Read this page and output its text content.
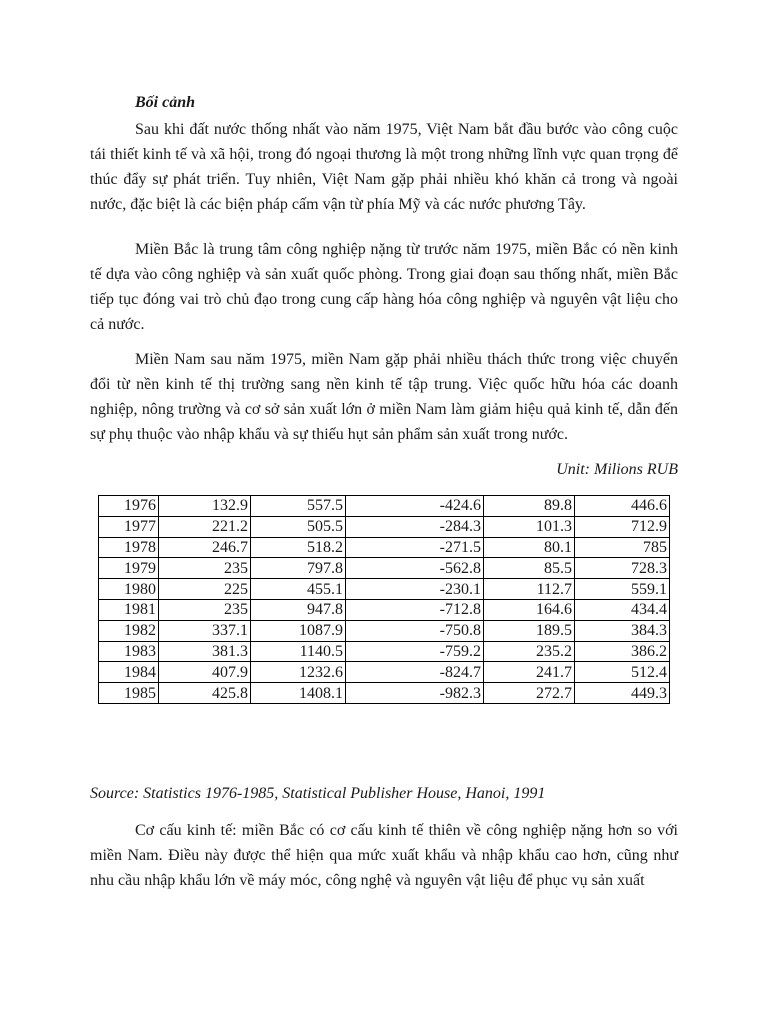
Bối cảnh

Sau khi đất nước thống nhất vào năm 1975, Việt Nam bắt đầu bước vào công cuộc tái thiết kinh tế và xã hội, trong đó ngoại thương là một trong những lĩnh vực quan trọng để thúc đẩy sự phát triển. Tuy nhiên, Việt Nam gặp phải nhiều khó khăn cả trong và ngoài nước, đặc biệt là các biện pháp cấm vận từ phía Mỹ và các nước phương Tây.

Miền Bắc là trung tâm công nghiệp nặng từ trước năm 1975, miền Bắc có nền kinh tế dựa vào công nghiệp và sản xuất quốc phòng. Trong giai đoạn sau thống nhất, miền Bắc tiếp tục đóng vai trò chủ đạo trong cung cấp hàng hóa công nghiệp và nguyên vật liệu cho cả nước.

Miền Nam sau năm 1975, miền Nam gặp phải nhiều thách thức trong việc chuyển đổi từ nền kinh tế thị trường sang nền kinh tế tập trung. Việc quốc hữu hóa các doanh nghiệp, nông trường và cơ sở sản xuất lớn ở miền Nam làm giảm hiệu quả kinh tế, dẫn đến sự phụ thuộc vào nhập khẩu và sự thiếu hụt sản phẩm sản xuất trong nước.

Unit: Milions RUB
1976	132.9	557.5	-424.6	89.8	446.6
1977	221.2	505.5	-284.3	101.3	712.9
1978	246.7	518.2	-271.5	80.1	785
1979	235	797.8	-562.8	85.5	728.3
1980	225	455.1	-230.1	112.7	559.1
1981	235	947.8	-712.8	164.6	434.4
1982	337.1	1087.9	-750.8	189.5	384.3
1983	381.3	1140.5	-759.2	235.2	386.2
1984	407.9	1232.6	-824.7	241.7	512.4
1985	425.8	1408.1	-982.3	272.7	449.3
Source: Statistics 1976-1985, Statistical Publisher House, Hanoi, 1991

Cơ cấu kinh tế: miền Bắc có cơ cấu kinh tế thiên về công nghiệp nặng hơn so với miền Nam. Điều này được thể hiện qua mức xuất khẩu và nhập khẩu cao hơn, cũng như nhu cầu nhập khẩu lớn về máy móc, công nghệ và nguyên vật liệu để phục vụ sản xuất
